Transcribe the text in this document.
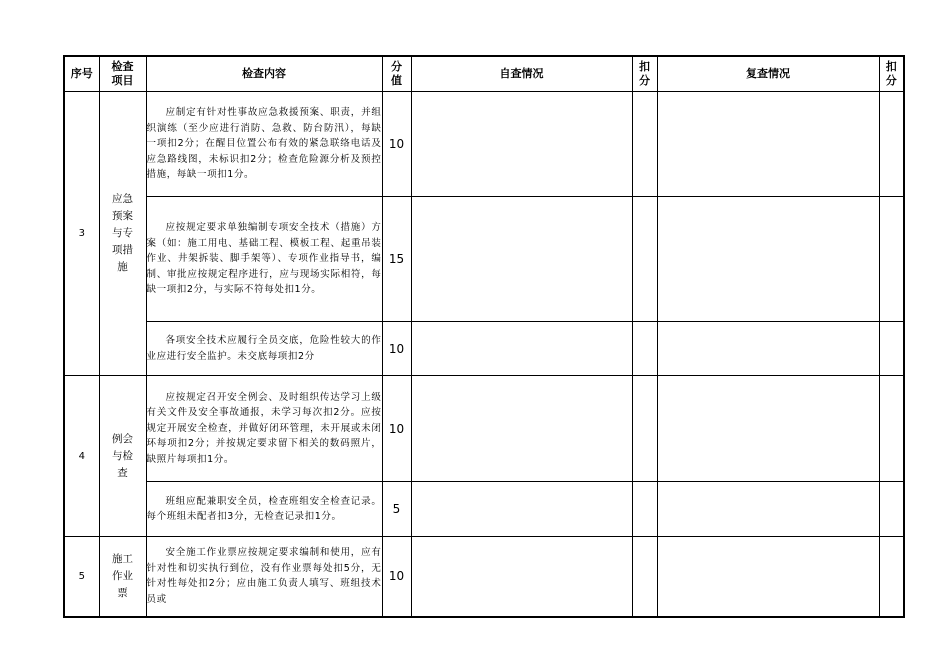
序号	检查项目	检查内容	分值	自查情况	扣分	复查情况	扣分
3	应急预案与专项措施	应制定有针对性事故应急救援预案、职责，并组织演练（至少应进行消防、急救、防台防汛），每缺一项扣2分；在醒目位置公布有效的紧急联络电话及应急路线图，未标识扣2分；检查危险源分析及预控措施，每缺一项扣1分。	10				
		应按规定要求单独编制专项安全技术（措施）方案（如：施工用电、基础工程、模板工程、起重吊装作业、井架拆装、脚手架等）、专项作业指导书，编制、审批应按规定程序进行，应与现场实际相符，每缺一项扣2分，与实际不符每处扣1分。	15				
		各项安全技术应履行全员交底，危险性较大的作业应进行安全监护。未交底每项扣2分	10				
4	例会与检查	应按规定召开安全例会、及时组织传达学习上级有关文件及安全事故通报，未学习每次扣2分。应按规定开展安全检查，并做好闭环管理，未开展或未闭环每项扣2分；并按规定要求留下相关的数码照片，缺照片每项扣1分。	10				
		班组应配兼职安全员，检查班组安全检查记录。每个班组未配者扣3分，无检查记录扣1分。	5				
5	施工作业票	安全施工作业票应按规定要求编制和使用，应有针对性和切实执行到位，没有作业票每处扣5分，无针对性每处扣2分；应由施工负责人填写、班组技术员或	10				
